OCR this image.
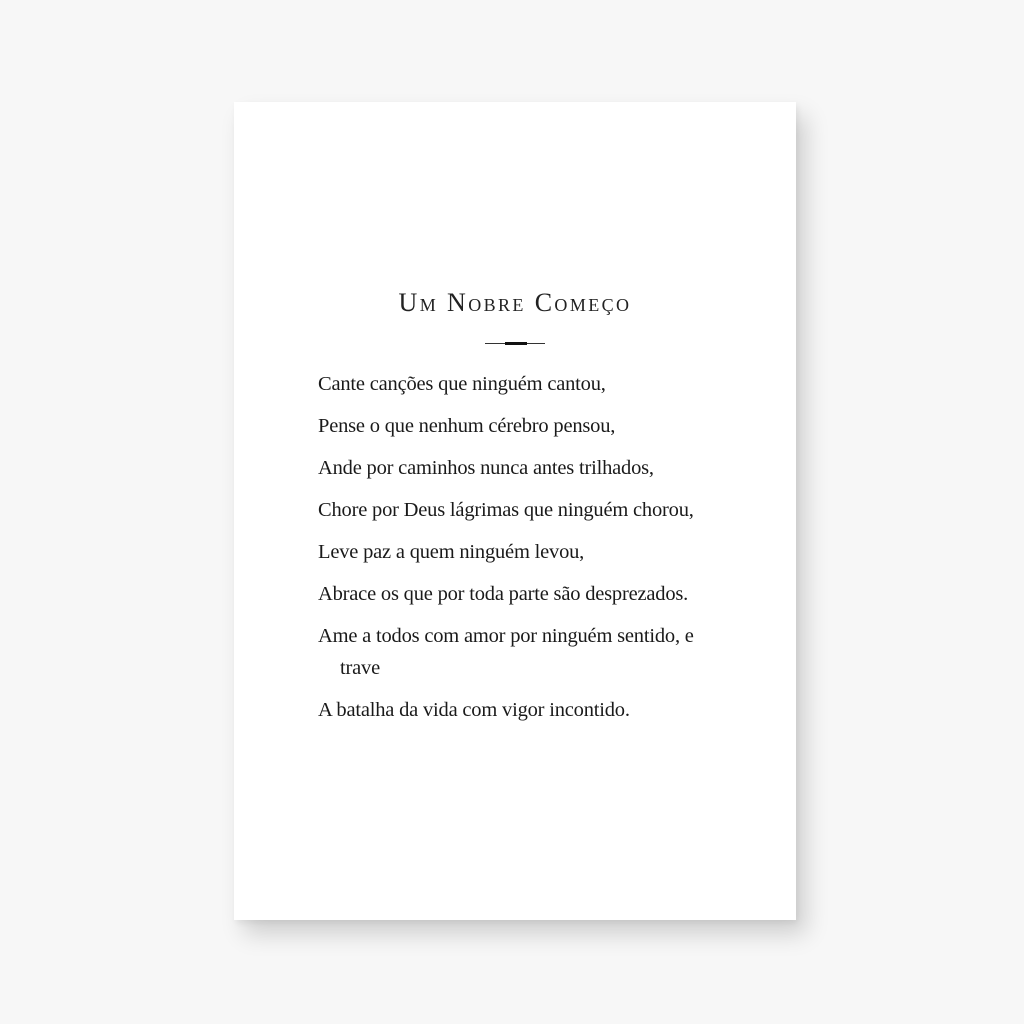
Um Nobre Começo

Cante canções que ninguém cantou,

Pense o que nenhum cérebro pensou,

Ande por caminhos nunca antes trilhados,

Chore por Deus lágrimas que ninguém chorou,

Leve paz a quem ninguém levou,

Abrace os que por toda parte são desprezados.

Ame a todos com amor por ninguém sentido, e trave

A batalha da vida com vigor incontido.
